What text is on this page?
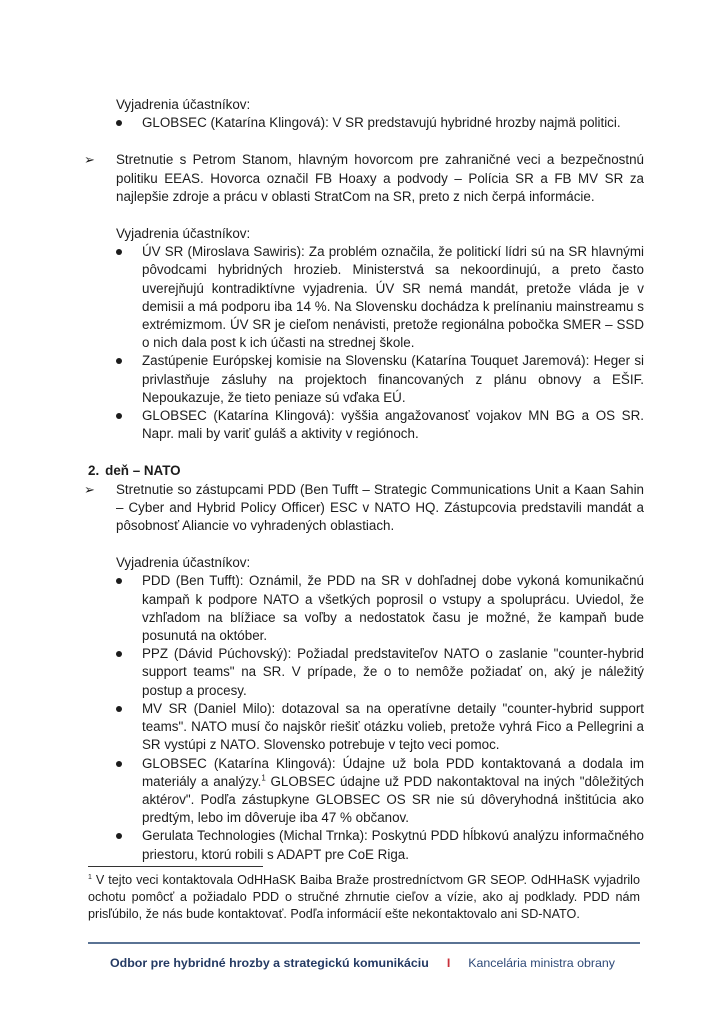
Vyjadrenia účastníkov:

GLOBSEC (Katarína Klingová): V SR predstavujú hybridné hrozby najmä politici.

➢ Stretnutie s Petrom Stanom, hlavným hovorcom pre zahraničné veci a bezpečnostnú politiku EEAS. Hovorca označil FB Hoaxy a podvody – Polícia SR a FB MV SR za najlepšie zdroje a prácu v oblasti StratCom na SR, preto z nich čerpá informácie.

Vyjadrenia účastníkov:

ÚV SR (Miroslava Sawiris): Za problém označila, že politickí lídri sú na SR hlavnými pôvodcami hybridných hrozieb. Ministerstvá sa nekoordinujú, a preto často uverejňujú kontradiktívne vyjadrenia. ÚV SR nemá mandát, pretože vláda je v demisii a má podporu iba 14 %. Na Slovensku dochádza k prelínaniu mainstreamu s extrémizmom. ÚV SR je cieľom nenávisti, pretože regionálna pobočka SMER – SSD o nich dala post k ich účasti na strednej škole.
Zastúpenie Európskej komisie na Slovensku (Katarína Touquet Jaremová): Heger si privlastňuje zásluhy na projektoch financovaných z plánu obnovy a EŠIF. Nepoukazuje, že tieto peniaze sú vďaka EÚ.
GLOBSEC (Katarína Klingová): vyššia angažovanosť vojakov MN BG a OS SR. Napr. mali by variť guláš a aktivity v regiónoch.
2. deň – NATO

➢ Stretnutie so zástupcami PDD (Ben Tufft – Strategic Communications Unit a Kaan Sahin – Cyber and Hybrid Policy Officer) ESC v NATO HQ. Zástupcovia predstavili mandát a pôsobnosť Aliancie vo vyhradených oblastiach.

Vyjadrenia účastníkov:

PDD (Ben Tufft): Oznámil, že PDD na SR v dohľadnej dobe vykoná komunikačnú kampaň k podpore NATO a všetkých poprosil o vstupy a spoluprácu. Uviedol, že vzhľadom na blížiace sa voľby a nedostatok času je možné, že kampaň bude posunutá na október.
PPZ (Dávid Púchovský): Požiadal predstaviteľov NATO o zaslanie "counter-hybrid support teams" na SR. V prípade, že o to nemôže požiadať on, aký je náležitý postup a procesy.
MV SR (Daniel Milo): dotazoval sa na operatívne detaily "counter-hybrid support teams". NATO musí čo najskôr riešiť otázku volieb, pretože vyhrá Fico a Pellegrini a SR vystúpi z NATO. Slovensko potrebuje v tejto veci pomoc.
GLOBSEC (Katarína Klingová): Údajne už bola PDD kontaktovaná a dodala im materiály a analýzy.$^1$ GLOBSEC údajne už PDD nakontaktoval na iných "dôležitých aktérov". Podľa zástupkyne GLOBSEC OS SR nie sú dôveryhodná inštitúcia ako predtým, lebo im dôveruje iba 47 % občanov.
Gerulata Technologies (Michal Trnka): Poskytnú PDD hĺbkovú analýzu informačného priestoru, ktorú robili s ADAPT pre CoE Riga.
$^1$ V tejto veci kontaktovala OdHHaSK Baiba Braže prostredníctvom GR SEOP. OdHHaSK vyjadrilo ochotu pomôcť a požiadalo PDD o stručné zhrnutie cieľov a vízie, ako aj podklady. PDD nám prisľúbilo, že nás bude kontaktovať. Podľa informácií ešte nekontaktovalo ani SD-NATO.
Odbor pre hybridné hrozby a strategickú komunikáciu I Kancelária ministra obrany
